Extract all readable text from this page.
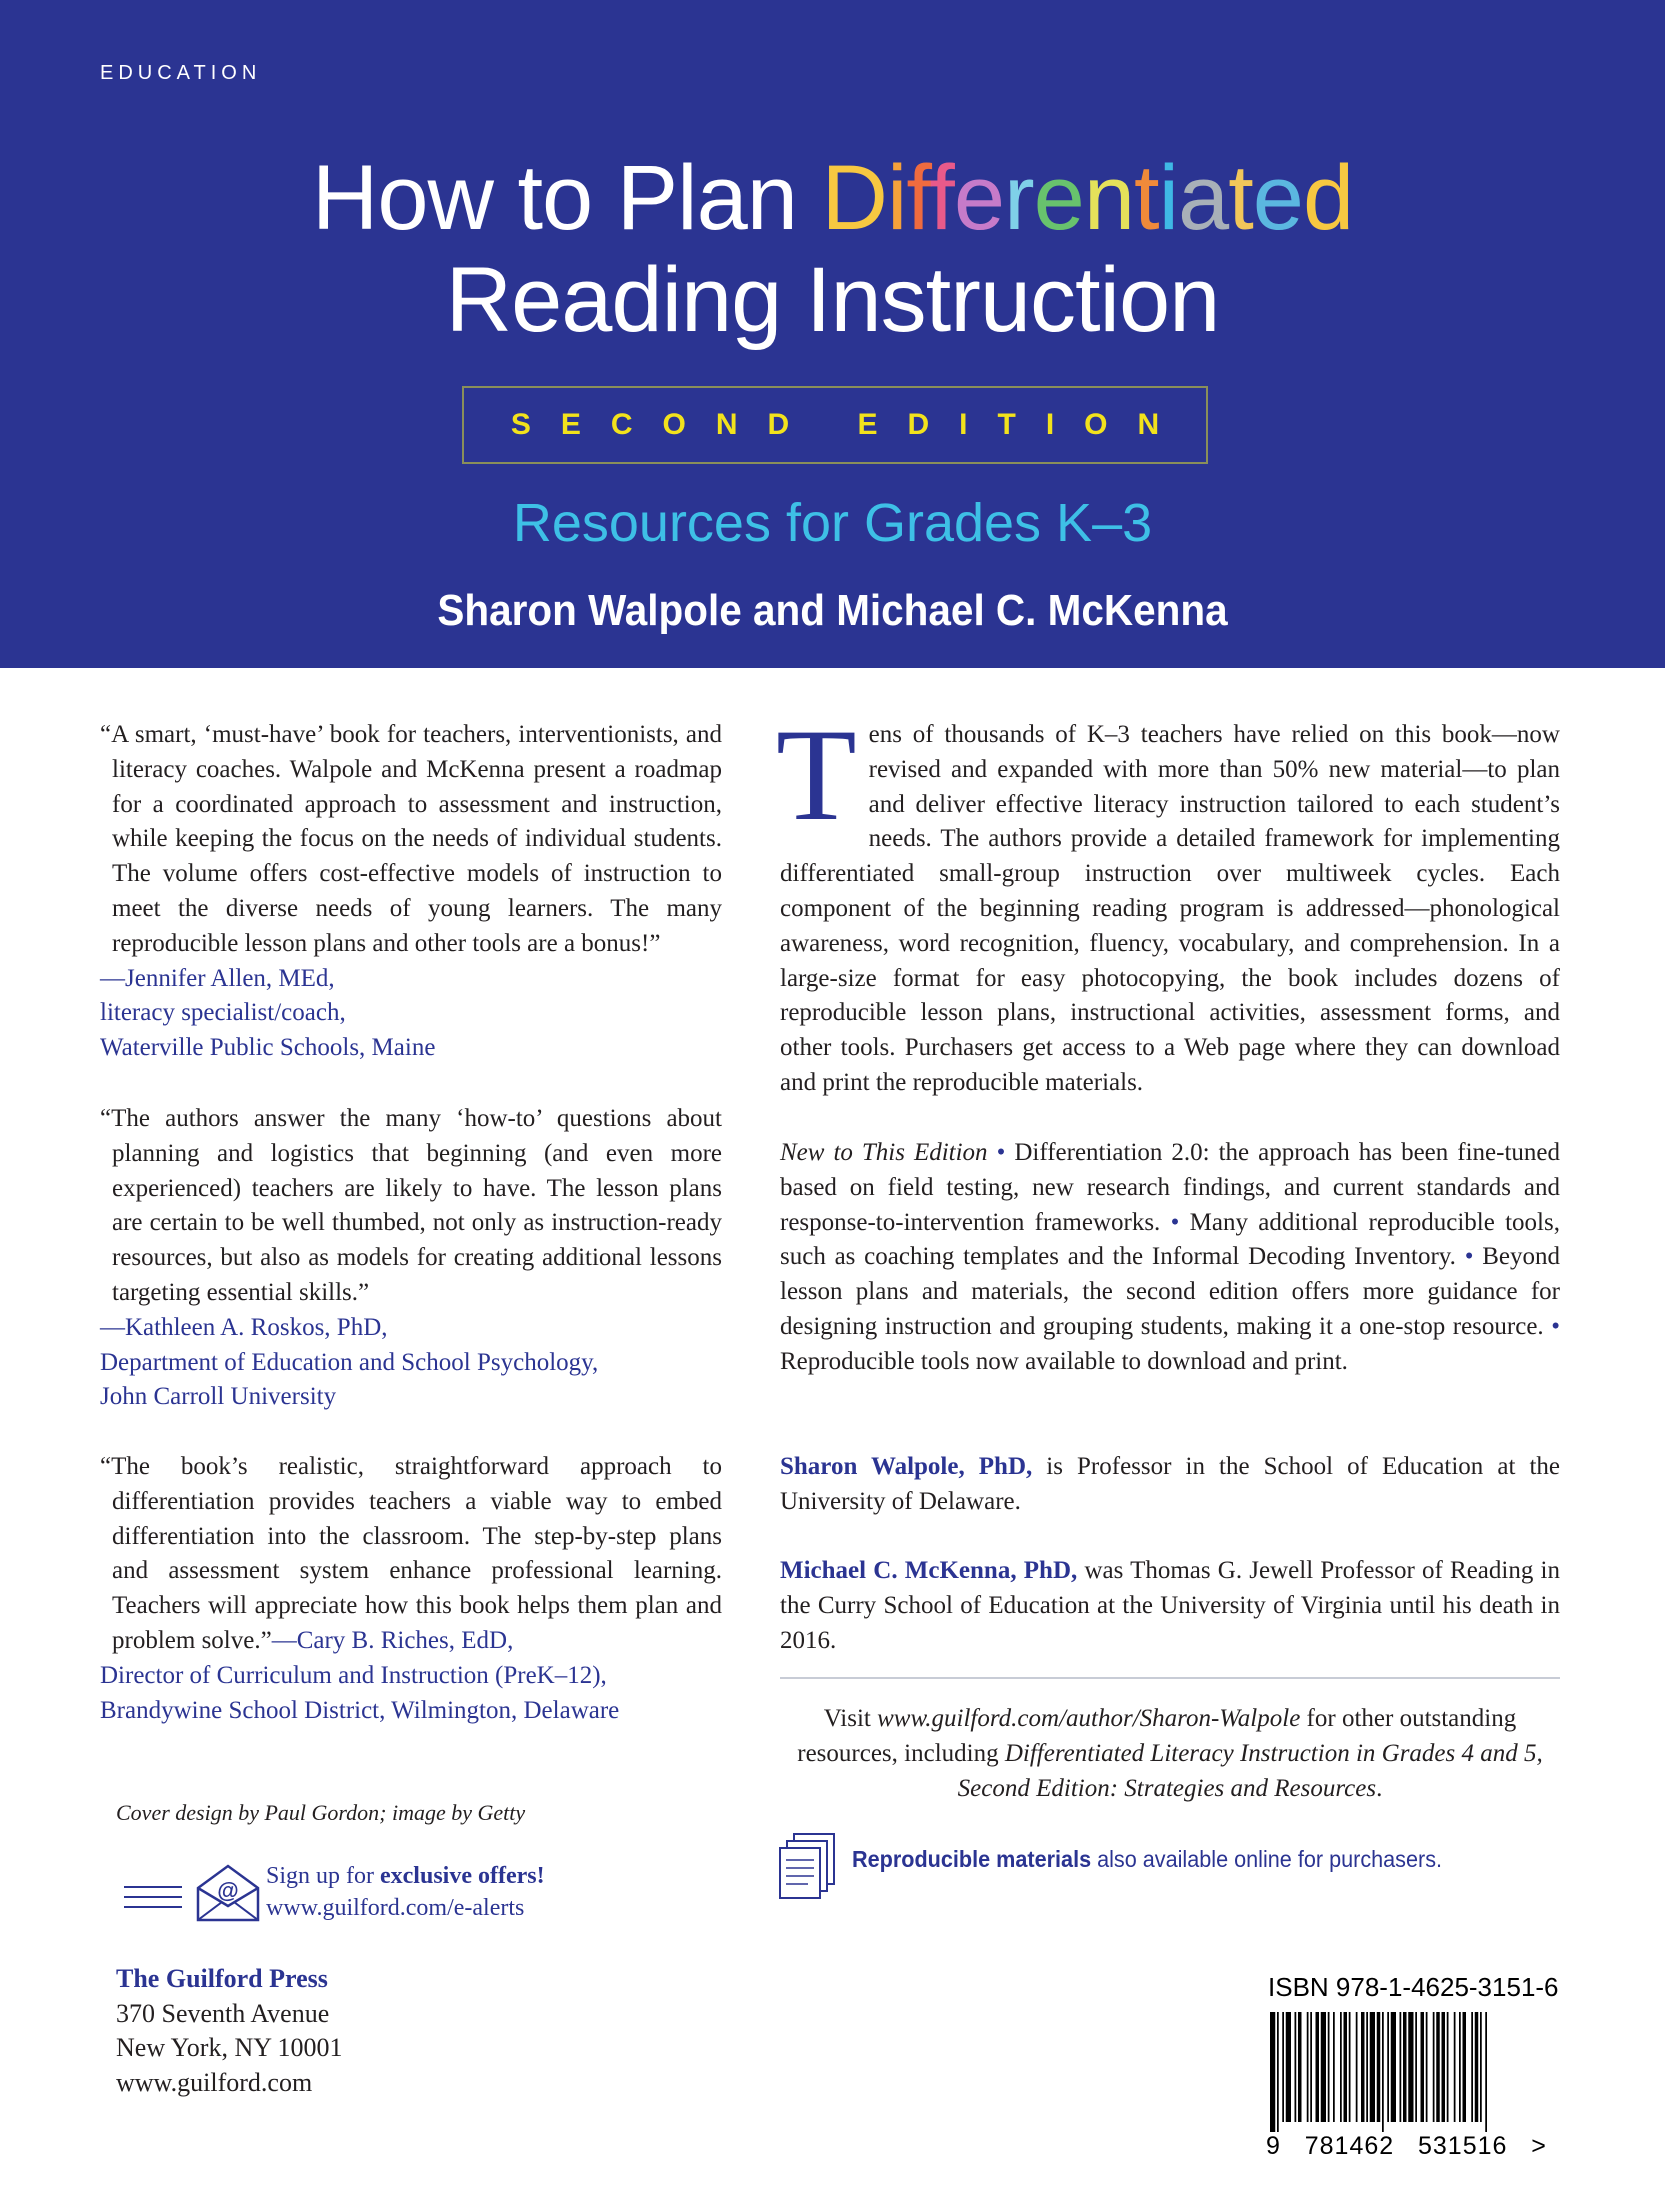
EDUCATION
How to Plan Differentiated
Reading Instruction
SECOND EDITION
Resources for Grades K–3
Sharon Walpole and Michael C. McKenna

“A smart, ‘must-have’ book for teachers, interventionists, and literacy coaches. Walpole and McKenna present a roadmap for a coordinated approach to assessment and instruction, while keeping the focus on the needs of individual students. The volume offers cost-effective models of instruction to meet the diverse needs of young learners. The many reproducible lesson plans and other tools are a bonus!”

—Jennifer Allen, MEd,
literacy specialist/coach,
Waterville Public Schools, Maine

“The authors answer the many ‘how-to’ questions about planning and logistics that beginning (and even more experienced) teachers are likely to have. The lesson plans are certain to be well thumbed, not only as instruction-ready resources, but also as models for creating additional lessons targeting essential skills.”

—Kathleen A. Roskos, PhD,
Department of Education and School Psychology,
John Carroll University

“The book’s realistic, straightforward approach to differentiation provides teachers a viable way to embed differentiation into the classroom. The step-by-step plans and assessment system enhance professional learning. Teachers will appreciate how this book helps them plan and problem solve.”—Cary B. Riches, EdD,

Director of Curriculum and Instruction (PreK–12),
Brandywine School District, Wilmington, Delaware
Cover design by Paul Gordon; image by Getty
@
Sign up for exclusive offers!
www.guilford.com/e-alerts
The Guilford Press
370 Seventh Avenue
New York, NY 10001
www.guilford.com
Tens of thousands of K–3 teachers have relied on this book—now revised and expanded with more than 50% new material—to plan and deliver effective literacy instruction tailored to each student’s needs. The authors provide a detailed framework for implementing differentiated small-group instruction over multiweek cycles. Each component of the beginning reading program is addressed—phonological awareness, word recognition, fluency, vocabulary, and comprehension. In a large-size format for easy photocopying, the book includes dozens of reproducible lesson plans, instructional activities, assessment forms, and other tools. Purchasers get access to a Web page where they can download and print the reproducible materials.
New to This Edition • Differentiation 2.0: the approach has been fine-tuned based on field testing, new research findings, and current standards and response-to-intervention frameworks. • Many additional reproducible tools, such as coaching templates and the Informal Decoding Inventory. • Beyond lesson plans and materials, the second edition offers more guidance for designing instruction and grouping students, making it a one-stop resource. • Reproducible tools now available to download and print.
Sharon Walpole, PhD, is Professor in the School of Education at the University of Delaware.
Michael C. McKenna, PhD, was Thomas G. Jewell Professor of Reading in the Curry School of Education at the University of Virginia until his death in 2016.
Visit www.guilford.com/author/Sharon-Walpole for other outstanding resources, including Differentiated Literacy Instruction in Grades 4 and 5, Second Edition: Strategies and Resources.
Reproducible materials also available online for purchasers.
ISBN 978-1-4625-3151-6
9   781462   531516   >
